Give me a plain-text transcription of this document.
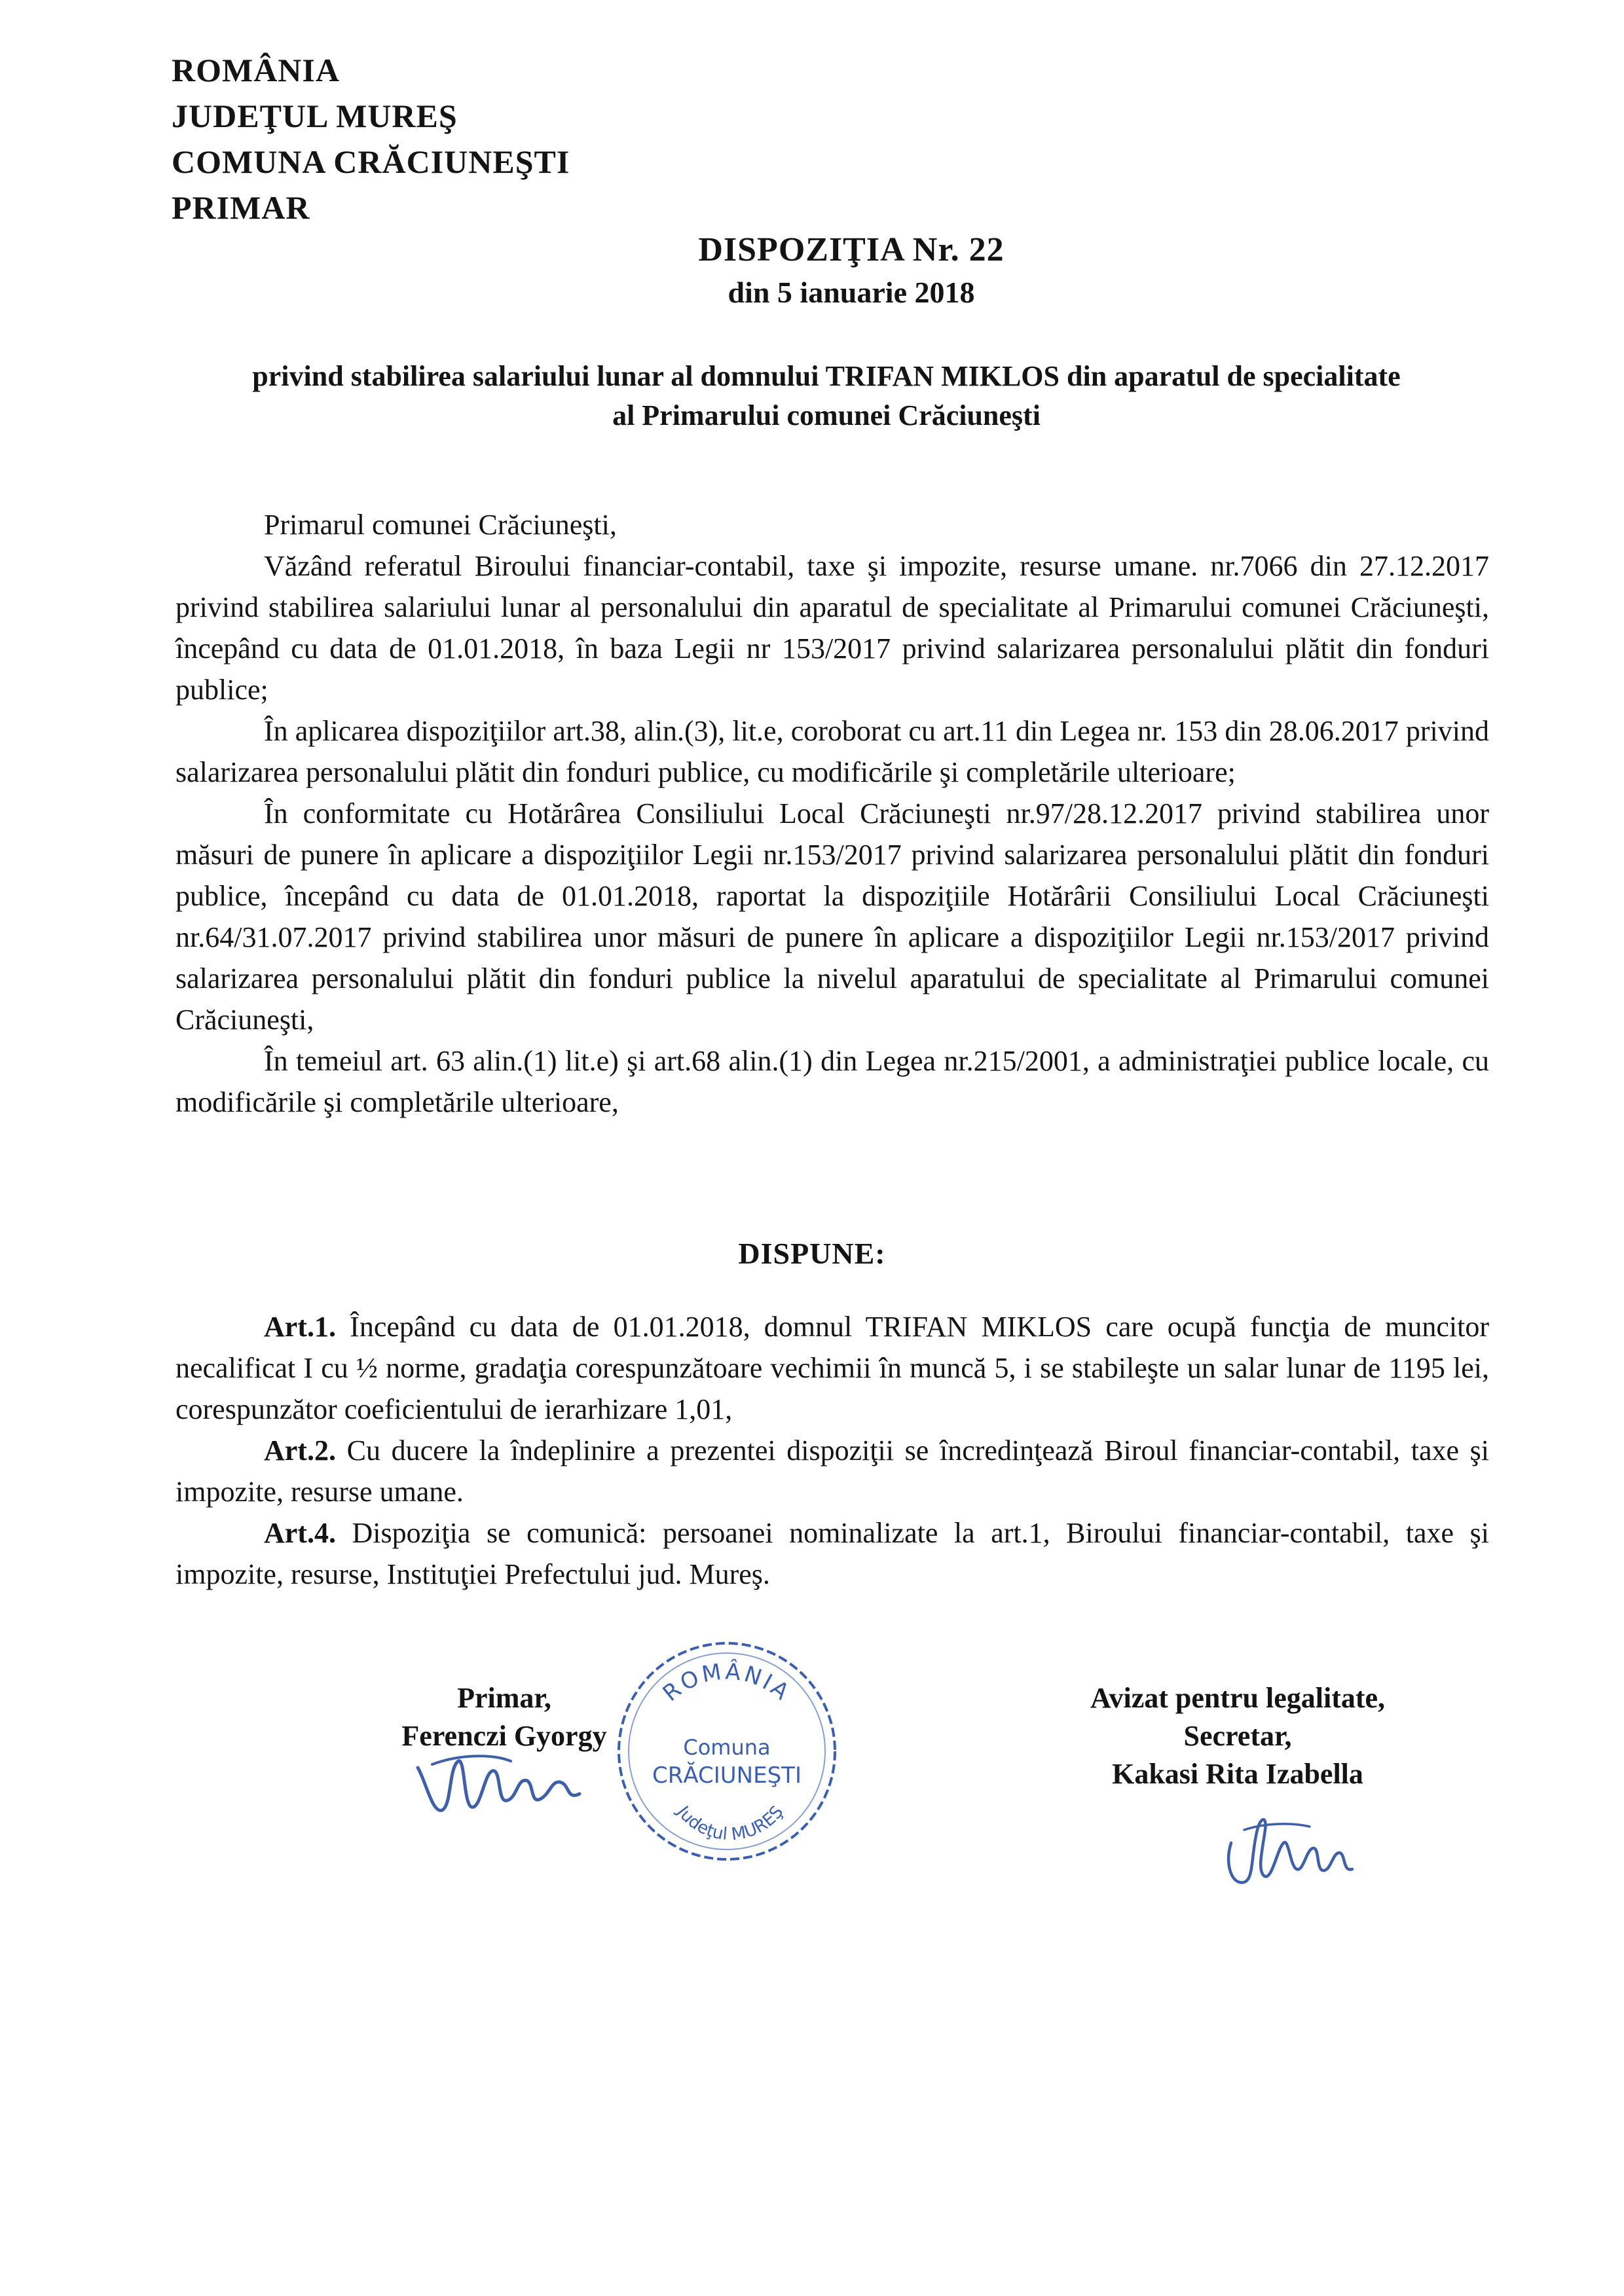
ROMÂNIA
JUDEŢUL MUREŞ
COMUNA CRĂCIUNEŞTI
PRIMAR
DISPOZIŢIA Nr. 22
din 5 ianuarie 2018
privind stabilirea salariului lunar al domnului TRIFAN MIKLOS din aparatul de specialitate
al Primarului comunei Crăciuneşti

Primarul comunei Crăciuneşti,

Văzând referatul Biroului financiar-contabil, taxe şi impozite, resurse umane. nr.7066 din 27.12.2017 privind stabilirea salariului lunar al personalului din aparatul de specialitate al Primarului comunei Crăciuneşti, începând cu data de 01.01.2018, în baza Legii nr 153/2017 privind salarizarea personalului plătit din fonduri publice;

În aplicarea dispoziţiilor art.38, alin.(3), lit.e, coroborat cu art.11 din Legea nr. 153 din 28.06.2017 privind salarizarea personalului plătit din fonduri publice, cu modificările şi completările ulterioare;

În conformitate cu Hotărârea Consiliului Local Crăciuneşti nr.97/28.12.2017 privind stabilirea unor măsuri de punere în aplicare a dispoziţiilor Legii nr.153/2017 privind salarizarea personalului plătit din fonduri publice, începând cu data de 01.01.2018, raportat la dispoziţiile Hotărârii Consiliului Local Crăciuneşti nr.64/31.07.2017 privind stabilirea unor măsuri de punere în aplicare a dispoziţiilor Legii nr.153/2017 privind salarizarea personalului plătit din fonduri publice la nivelul aparatului de specialitate al Primarului comunei Crăciuneşti,

În temeiul art. 63 alin.(1) lit.e) şi art.68 alin.(1) din Legea nr.215/2001, a administraţiei publice locale, cu modificările şi completările ulterioare,

DISPUNE:

Art.1. Începând cu data de 01.01.2018, domnul TRIFAN MIKLOS care ocupă funcţia de muncitor necalificat I cu ½ norme, gradaţia corespunzătoare vechimii în muncă 5, i se stabileşte un salar lunar de 1195 lei, corespunzător coeficientului de ierarhizare 1,01,

Art.2. Cu ducere la îndeplinire a prezentei dispoziţii se încredinţează Biroul financiar-contabil, taxe şi impozite, resurse umane.

Art.4. Dispoziţia se comunică: persoanei nominalizate la art.1, Biroului financiar-contabil, taxe şi impozite, resurse, Instituţiei Prefectului jud. Mureş.

Primar,
Ferenczi Gyorgy
ROMÂNIA
Comuna
CRĂCIUNEŞTI
Judeţul MUREŞ
Avizat pentru legalitate,
Secretar,
Kakasi Rita Izabella
